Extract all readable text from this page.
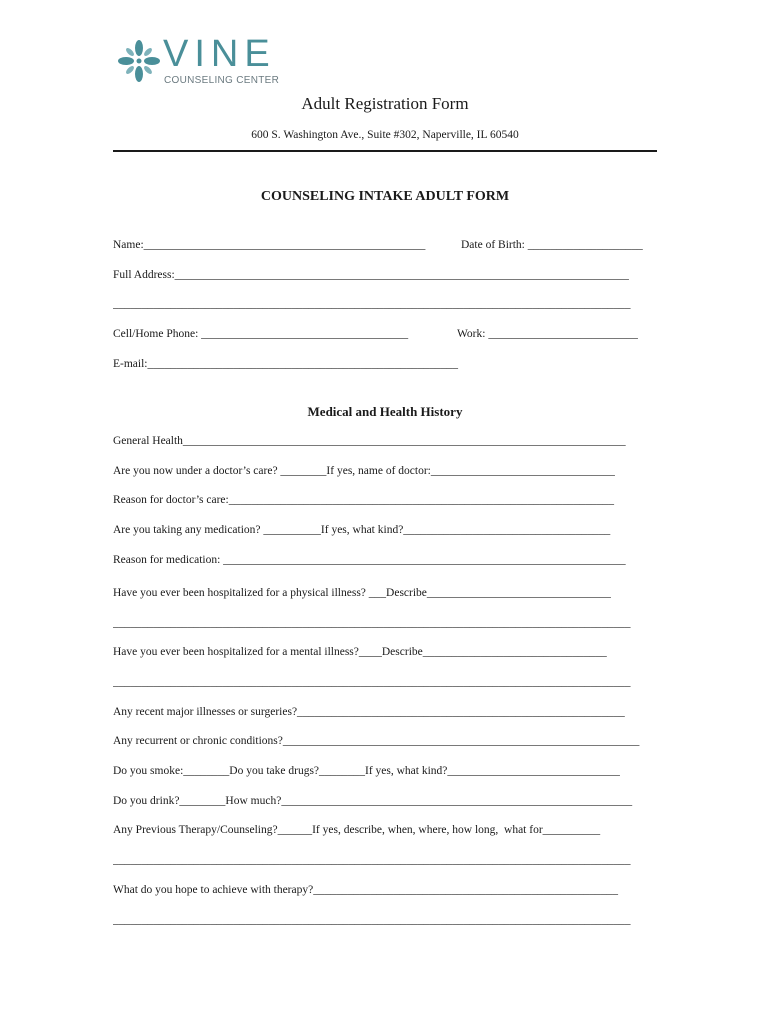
VINE
COUNSELING CENTER
Adult Registration Form
600 S. Washington Ave., Suite #302, Naperville, IL 60540
COUNSELING INTAKE ADULT FORM
Name:_________________________________________________	Date of Birth: ____________________
Full Address:_______________________________________________________________________________
__________________________________________________________________________________________
Cell/Home Phone: ____________________________________	Work: __________________________
E-mail:______________________________________________________
Medical and Health History
General Health_____________________________________________________________________________
Are you now under a doctor’s care? ________If yes, name of doctor:________________________________
Reason for doctor’s care:___________________________________________________________________
Are you taking any medication? __________If yes, what kind?____________________________________
Reason for medication: ______________________________________________________________________
Have you ever been hospitalized for a physical illness? ___Describe________________________________
__________________________________________________________________________________________
Have you ever been hospitalized for a mental illness?____Describe________________________________
__________________________________________________________________________________________
Any recent major illnesses or surgeries?_________________________________________________________
Any recurrent or chronic conditions?______________________________________________________________
Do you smoke:________Do you take drugs?________If yes, what kind?______________________________
Do you drink?________How much?_____________________________________________________________
Any Previous Therapy/Counseling?______If yes, describe, when, where, how long,  what for__________
__________________________________________________________________________________________
What do you hope to achieve with therapy?_____________________________________________________
__________________________________________________________________________________________
